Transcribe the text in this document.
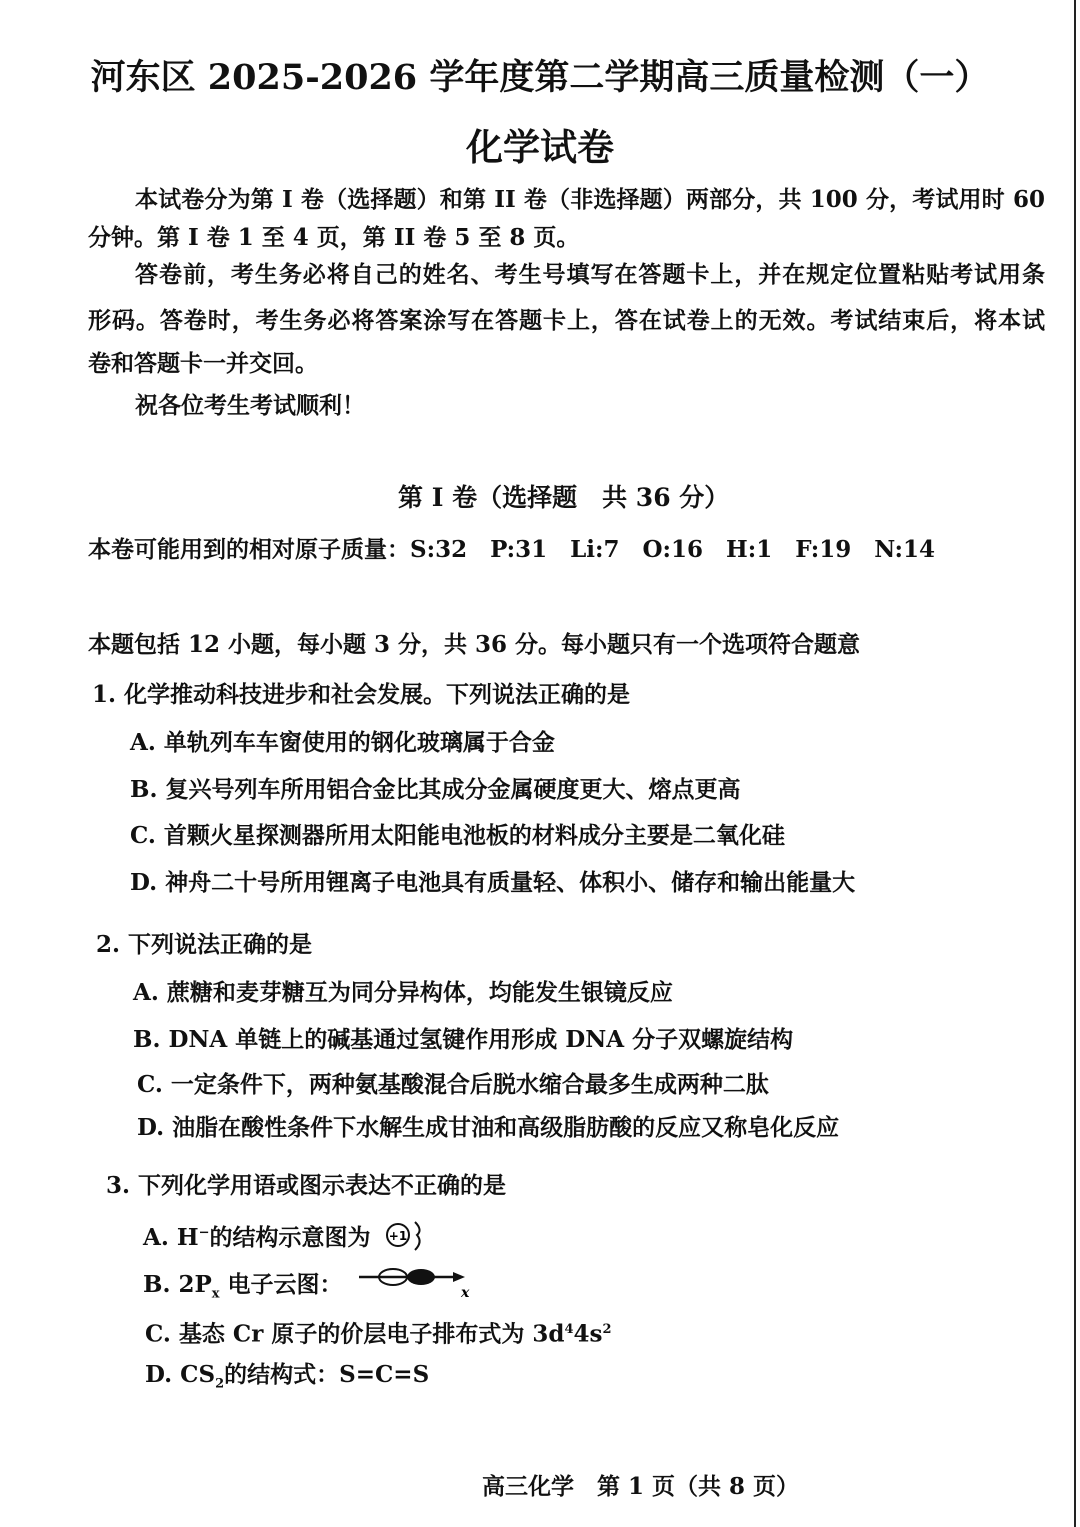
河东区 2025-2026 学年度第二学期高三质量检测（一）
化学试卷
本试卷分为第 I 卷（选择题）和第 II 卷（非选择题）两部分，共 100 分，考试用时 60
分钟。第 I 卷 1 至 4 页，第 II 卷 5 至 8 页。
答卷前，考生务必将自己的姓名、考生号填写在答题卡上，并在规定位置粘贴考试用条
形码。答卷时，考生务必将答案涂写在答题卡上，答在试卷上的无效。考试结束后，将本试
卷和答题卡一并交回。
祝各位考生考试顺利！
第 I 卷（选择题　共 36 分）
本卷可能用到的相对原子质量：S:32　P:31　Li:7　O:16　H:1　F:19　N:14
本题包括 12 小题，每小题 3 分，共 36 分。每小题只有一个选项符合题意
1. 化学推动科技进步和社会发展。下列说法正确的是
A. 单轨列车车窗使用的钢化玻璃属于合金
B. 复兴号列车所用铝合金比其成分金属硬度更大、熔点更高
C. 首颗火星探测器所用太阳能电池板的材料成分主要是二氧化硅
D. 神舟二十号所用锂离子电池具有质量轻、体积小、储存和输出能量大
2. 下列说法正确的是
A. 蔗糖和麦芽糖互为同分异构体，均能发生银镜反应
B. DNA 单链上的碱基通过氢键作用形成 DNA 分子双螺旋结构
C. 一定条件下，两种氨基酸混合后脱水缩合最多生成两种二肽
D. 油脂在酸性条件下水解生成甘油和高级脂肪酸的反应又称皂化反应
3. 下列化学用语或图示表达不正确的是
A. H−的结构示意图为 +1
B. $2P_x$ 电子云图：	x
C. 基态 Cr 原子的价层电子排布式为 $3d^44s^2$
D. $CS_2$的结构式：S=C=S
高三化学　第 1 页（共 8 页）
